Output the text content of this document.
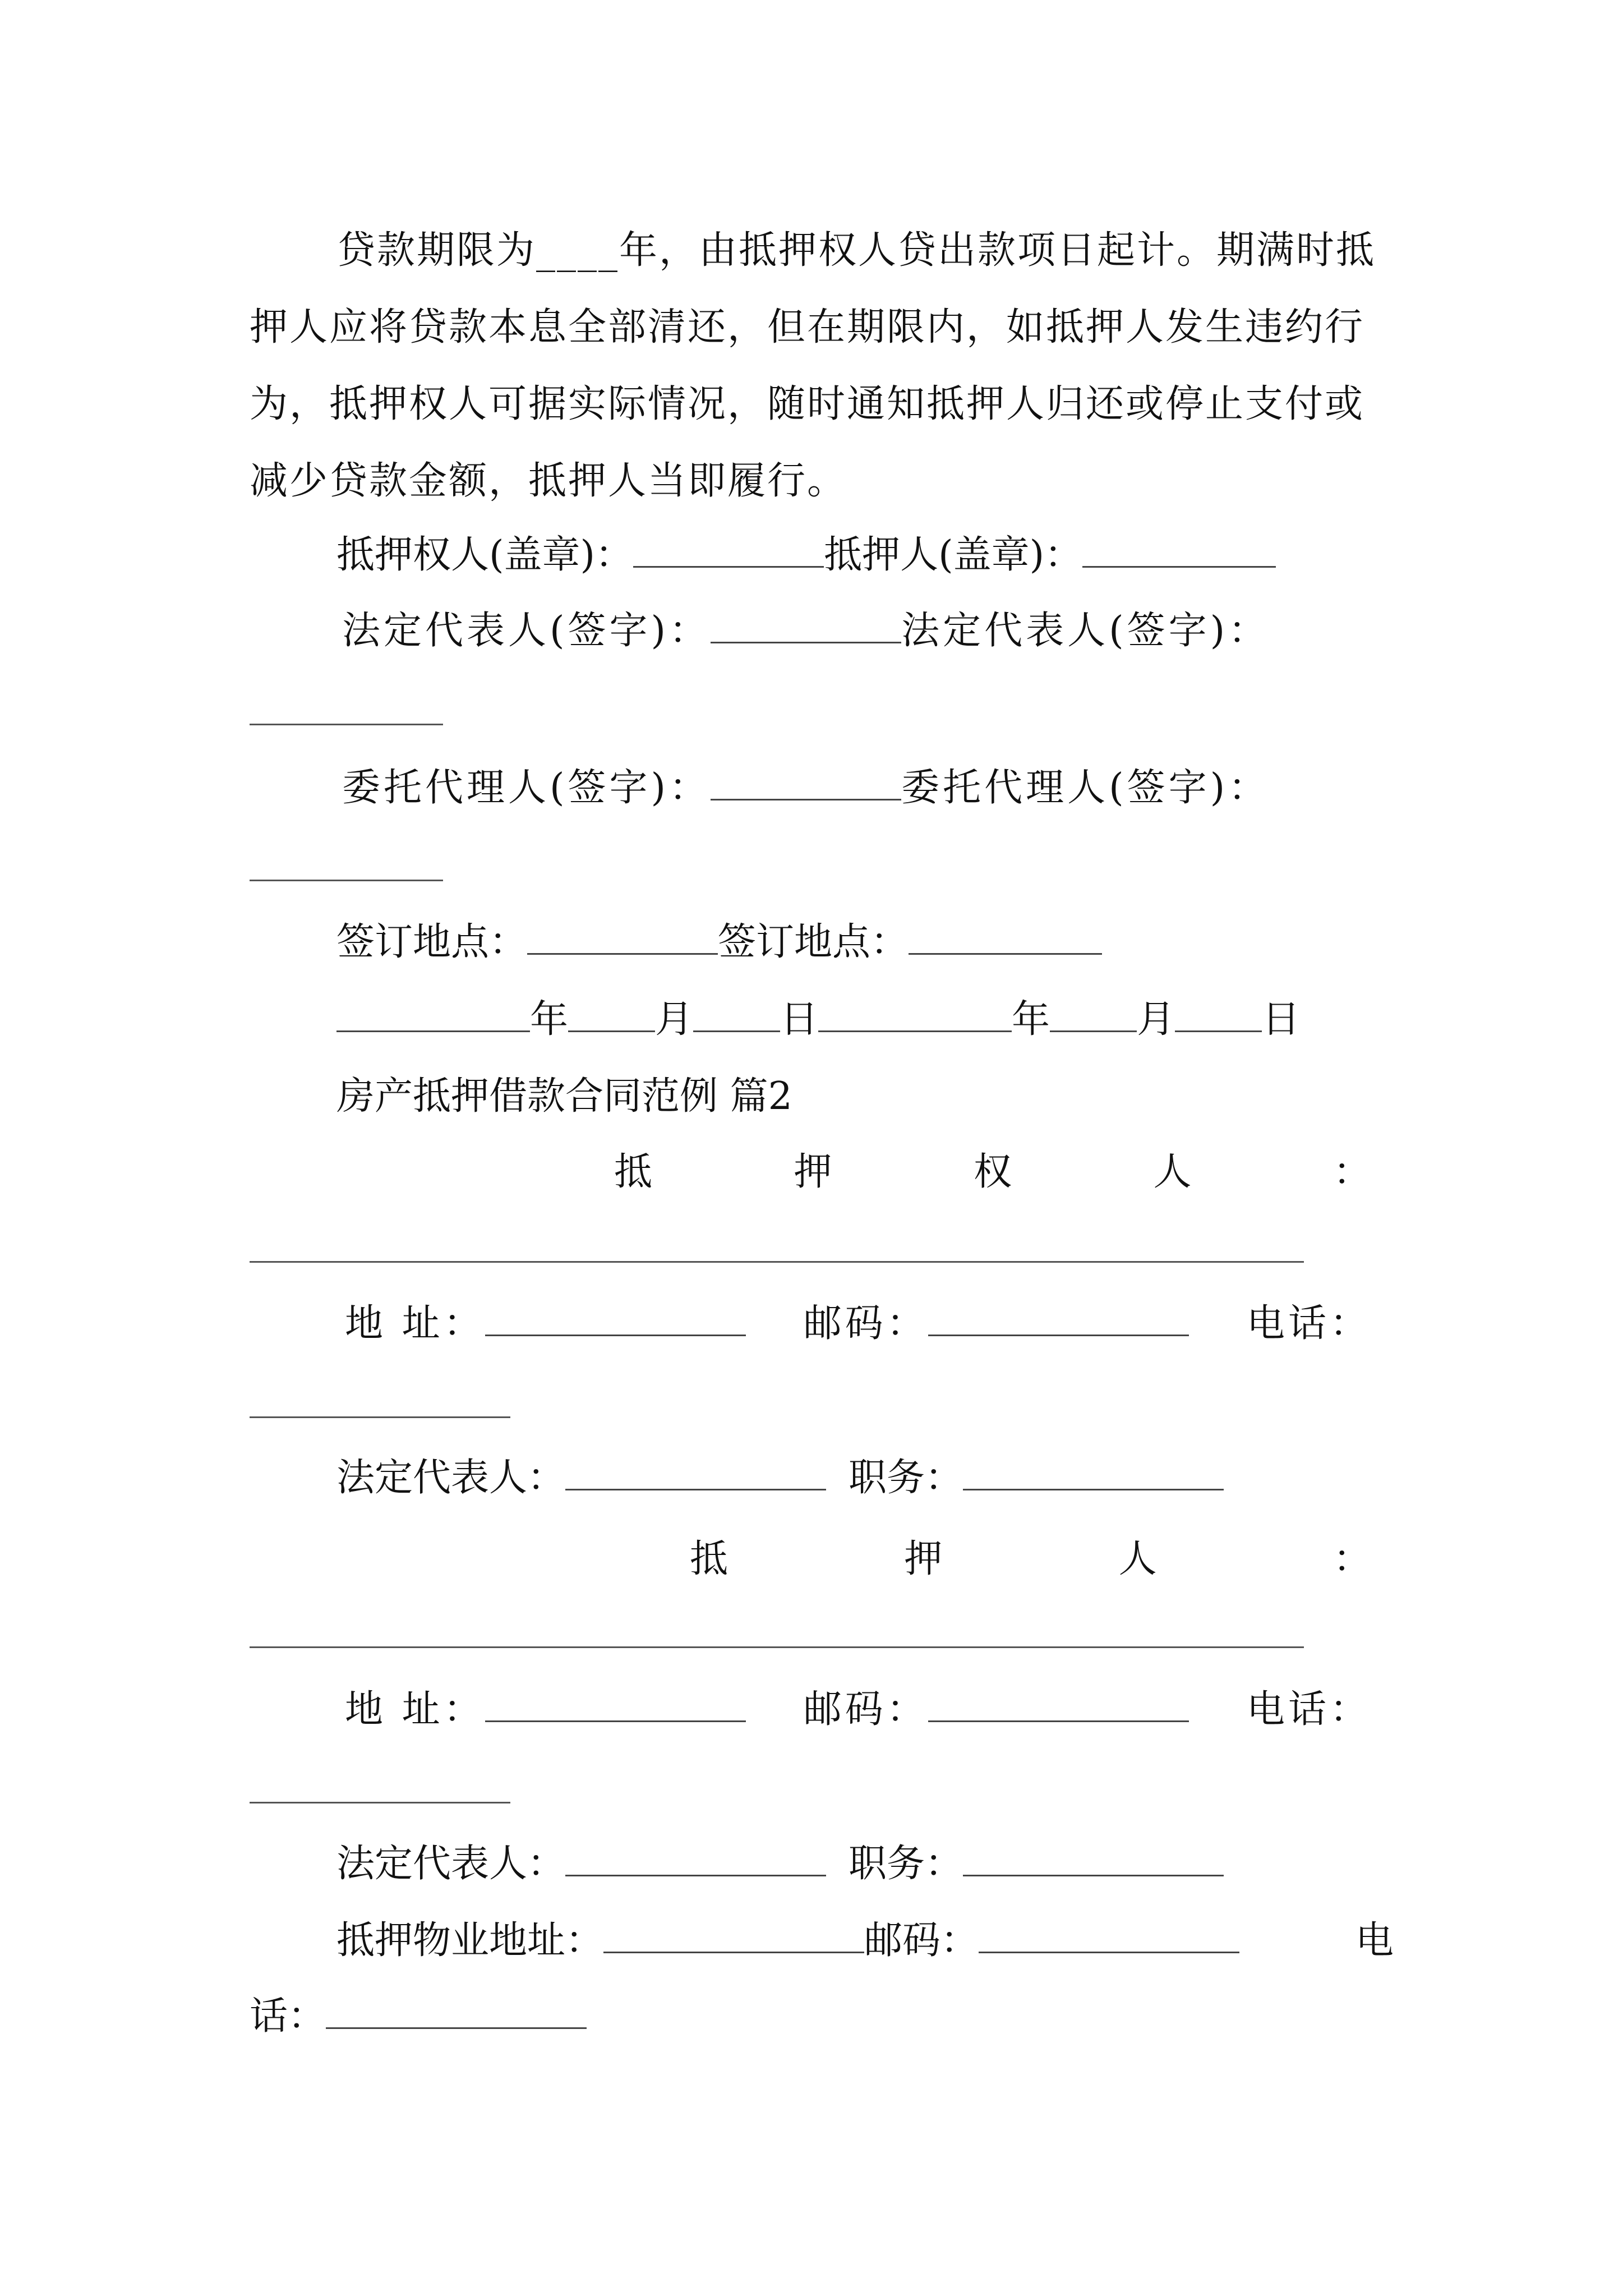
贷款期限为____年，由抵押权人贷出款项日起计。期满时抵押人应将贷款本息全部清还，但在期限内，如抵押人发生违约行为，抵押权人可据实际情况，随时通知抵押人归还或停止支付或减少贷款金额，抵押人当即履行。
抵押权人(盖章)：	抵押人(盖章)：
法定代表人(签字)：	法定代表人(签字)：
委托代理人(签字)：	委托代理人(签字)：
签订地点：	签订地点：
年 月 日	年 月 日
房产抵押借款合同范例 篇2
抵	押	权	人	：
地 址：	邮码：	电话：
法定代表人：	职务：
抵	押	人	：
地 址：	邮码：	电话：
法定代表人：	职务：
抵押物业地址：	邮码：	电
话：
